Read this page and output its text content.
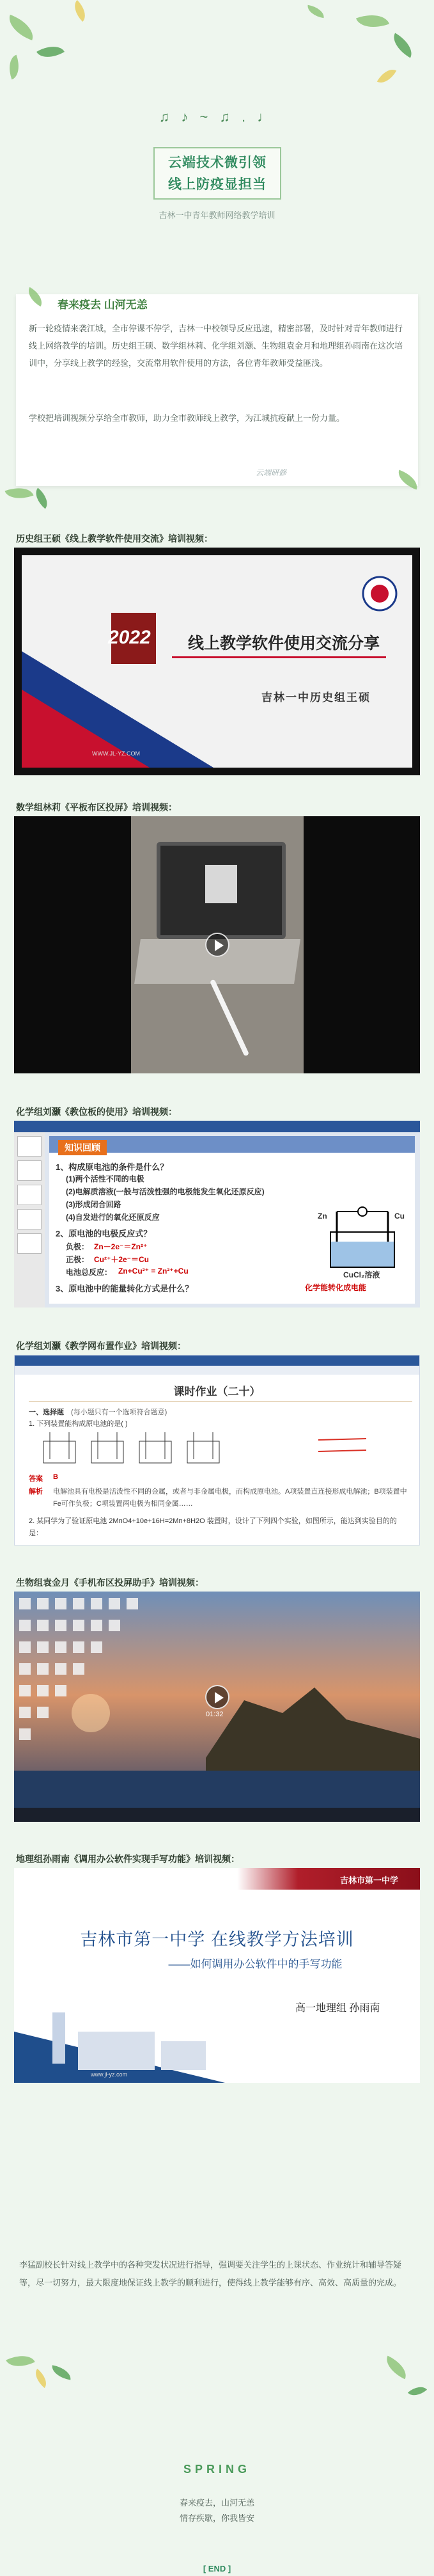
♫ ♪ ~ ♫ . ♩
云端技术微引领
线上防疫显担当
吉林一中青年教师网络教学培训
春来疫去 山河无恙

新一轮疫情来袭江城，全市停课不停学，吉林一中校领导反应迅速，精密部署，及时针对青年教师进行线上网络教学的培训。历史组王硕、数学组林莉、化学组刘灏、生物组袁金月和地理组孙雨南在这次培训中，分享线上教学的经验，交流常用软件使用的方法，各位青年教师受益匪浅。

学校把培训视频分享给全市教师，助力全市教师线上教学，为江城抗疫献上一份力量。

云端研修
历史组王硕《线上教学软件使用交流》培训视频：
2022 线上教学软件使用交流分享
吉林一中历史组王硕
WWW.JL-YZ.COM
数学组林莉《平板布区投屏》培训视频：
化学组刘灏《教位板的使用》培训视频：
知识回顾
1、构成原电池的条件是什么？
(1)两个活性不同的电极
(2)电解质溶液(一般与活泼性强的电极能发生氧化还原反应)
(3)形成闭合回路
(4)自发进行的氧化还原反应
2、原电池的电极反应式？
负极： Zn－2e⁻＝Zn²⁺
正极： Cu²⁺＋2e⁻＝Cu
电池总反应： Zn+Cu²⁺ = Zn²⁺+Cu
3、原电池中的能量转化方式是什么？	化学能转化成电能
Zn	Cu
CuCl₂溶液
化学组刘灏《教学网布置作业》培训视频：
课时作业（二十）
一、选择题 (每小题只有一个选项符合题意)
1. 下列装置能构成原电池的是( )
答案 B
解析 电解池具有电极是活泼性不同的金属，或者与非金属电极，而构成原电池。A项装置直连接形成电解池；B项装置中Fe可作负极；C项装置两电极为相同金属……
2. 某同学为了验证原电池 2MnO4+10e+16H=2Mn+8H2O 装置时，设计了下列四个实验，如图所示，能达到实验目的的是：
生物组袁金月《手机布区投屏助手》培训视频：
01:32
地理组孙雨南《调用办公软件实现手写功能》培训视频：
吉林市第一中学
吉林市第一中学 在线教学方法培训
——如何调用办公软件中的手写功能
高一地理组 孙雨南
www.jl-yz.com

李猛副校长针对线上教学中的各种突发状况进行指导，强调要关注学生的上课状态、作业统计和辅导答疑等，尽一切努力，最大限度地保证线上教学的顺利进行，使得线上教学能够有序、高效、高质量的完成。

SPRING
春来疫去，山河无恙
情存疾歇，你我皆安
[ END ]
